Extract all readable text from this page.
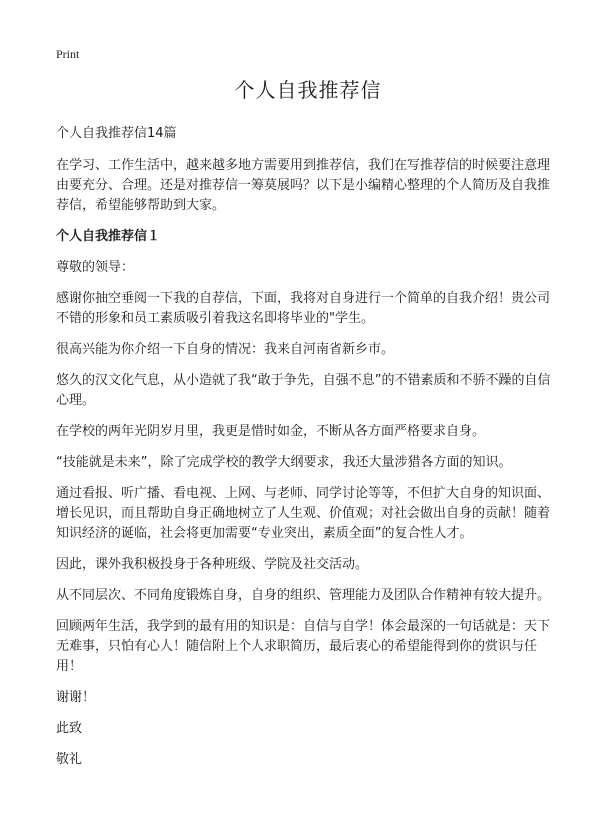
Print
个人自我推荐信

个人自我推荐信14篇

在学习、工作生活中，越来越多地方需要用到推荐信，我们在写推荐信的时候要注意理由要充分、合理。还是对推荐信一筹莫展吗？以下是小编精心整理的个人简历及自我推荐信，希望能够帮助到大家。

个人自我推荐信１

尊敬的领导：

感谢你抽空垂阅一下我的自荐信，下面，我将对自身进行一个简单的自我介绍！贵公司不错的形象和员工素质吸引着我这名即将毕业的"学生。

很高兴能为你介绍一下自身的情况：我来自河南省新乡市。

悠久的汉文化气息，从小造就了我“敢于争先，自强不息”的不错素质和不骄不躁的自信心理。

在学校的两年光阴岁月里，我更是惜时如金，不断从各方面严格要求自身。

“技能就是未来”，除了完成学校的教学大纲要求，我还大量涉猎各方面的知识。

通过看报、听广播、看电视、上网、与老师、同学讨论等等，不但扩大自身的知识面、增长见识，而且帮助自身正确地树立了人生观、价值观；对社会做出自身的贡献！随着知识经济的诞临，社会将更加需要“专业突出，素质全面”的复合性人才。

因此，课外我积极投身于各种班级、学院及社交活动。

从不同层次、不同角度锻炼自身，自身的组织、管理能力及团队合作精神有较大提升。

回顾两年生活，我学到的最有用的知识是：自信与自学！体会最深的一句话就是：天下无难事，只怕有心人！随信附上个人求职简历，最后衷心的希望能得到你的赏识与任用！

谢谢！

此致

敬礼
